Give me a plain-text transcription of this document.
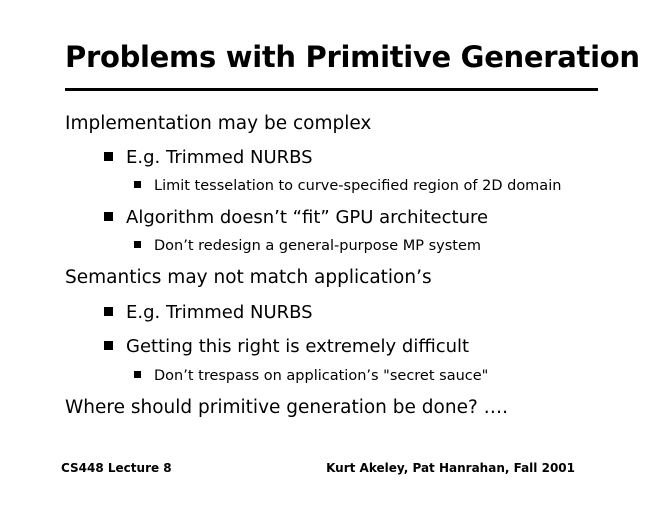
Problems with Primitive Generation
Implementation may be complex
E.g. Trimmed NURBS
Limit tesselation to curve-specified region of 2D domain
Algorithm doesn’t “fit” GPU architecture
Don’t redesign a general-purpose MP system
Semantics may not match application’s
E.g. Trimmed NURBS
Getting this right is extremely difficult
Don’t trespass on application’s "secret sauce"
Where should primitive generation be done? ….
CS448 Lecture 8	Kurt Akeley, Pat Hanrahan, Fall 2001
